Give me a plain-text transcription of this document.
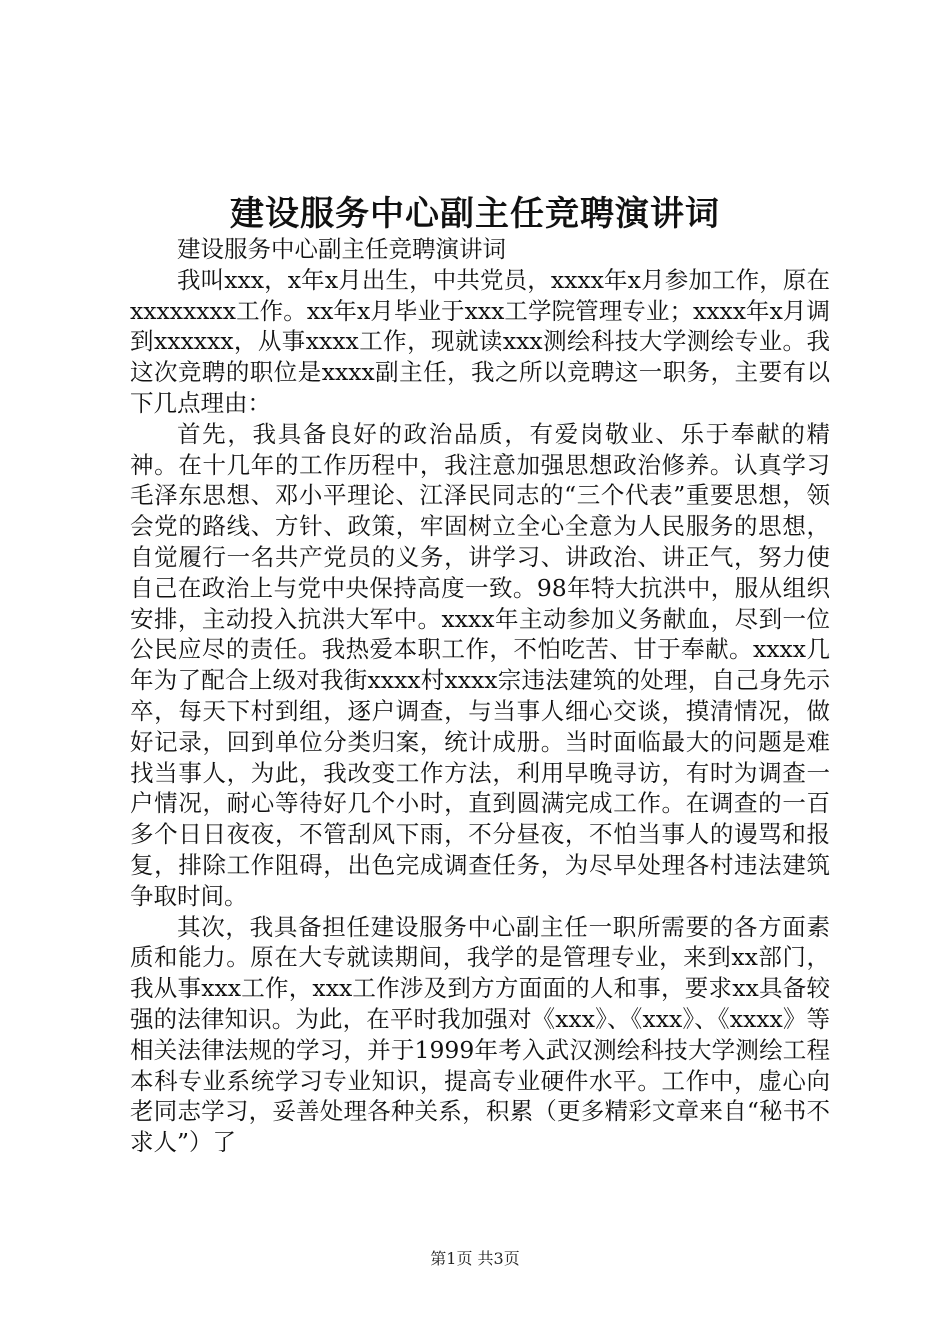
建设服务中心副主任竞聘演讲词

建设服务中心副主任竞聘演讲词

我叫xxx，x年x月出生，中共党员，xxxx年x月参加工作，原在xxxxxxxx工作。xx年x月毕业于xxx工学院管理专业；xxxx年x月调到xxxxxx，从事xxxx工作，现就读xxx测绘科技大学测绘专业。我这次竞聘的职位是xxxx副主任，我之所以竞聘这一职务，主要有以下几点理由：

首先，我具备良好的政治品质，有爱岗敬业、乐于奉献的精神。在十几年的工作历程中，我注意加强思想政治修养。认真学习毛泽东思想、邓小平理论、江泽民同志的“三个代表”重要思想，领会党的路线、方针、政策，牢固树立全心全意为人民服务的思想，自觉履行一名共产党员的义务，讲学习、讲政治、讲正气，努力使自己在政治上与党中央保持高度一致。98年特大抗洪中，服从组织安排，主动投入抗洪大军中。xxxx年主动参加义务献血，尽到一位公民应尽的责任。我热爱本职工作，不怕吃苦、甘于奉献。xxxx几年为了配合上级对我街xxxx村xxxx宗违法建筑的处理，自己身先示卒，每天下村到组，逐户调查，与当事人细心交谈，摸清情况，做好记录，回到单位分类归案，统计成册。当时面临最大的问题是难找当事人，为此，我改变工作方法，利用早晚寻访，有时为调查一户情况，耐心等待好几个小时，直到圆满完成工作。在调查的一百多个日日夜夜，不管刮风下雨，不分昼夜，不怕当事人的谩骂和报复，排除工作阻碍，出色完成调查任务，为尽早处理各村违法建筑争取时间。

其次，我具备担任建设服务中心副主任一职所需要的各方面素质和能力。原在大专就读期间，我学的是管理专业，来到xx部门，我从事xxx工作，xxx工作涉及到方方面面的人和事，要求xx具备较强的法律知识。为此，在平时我加强对《xxx》、《xxx》、《xxxx》等相关法律法规的学习，并于1999年考入武汉测绘科技大学测绘工程本科专业系统学习专业知识，提高专业硬件水平。工作中，虚心向老同志学习，妥善处理各种关系，积累（更多精彩文章来自“秘书不求人”）了

第1页 共3页
